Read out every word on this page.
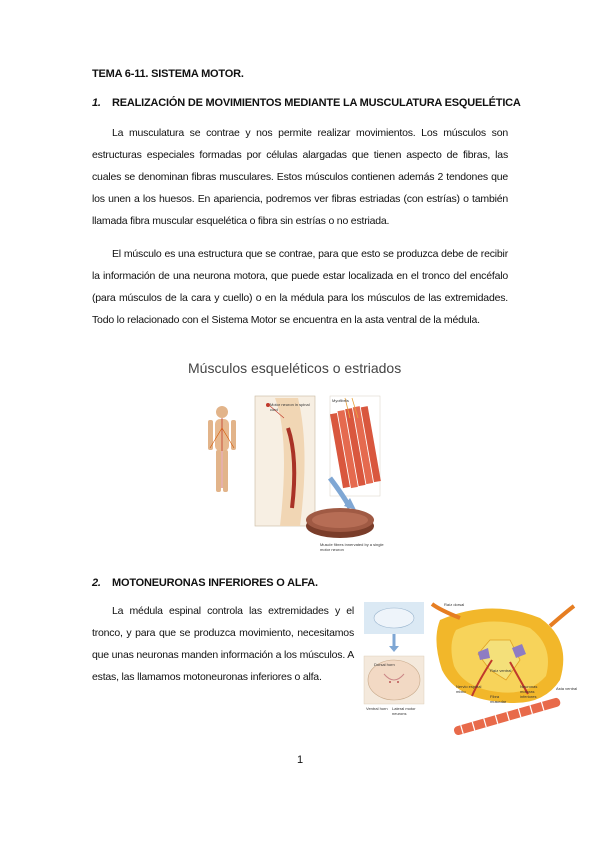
TEMA 6-11. SISTEMA MOTOR.
1. REALIZACIÓN DE MOVIMIENTOS MEDIANTE LA MUSCULATURA ESQUELÉTICA

La musculatura se contrae y nos permite realizar movimientos. Los músculos son estructuras especiales formadas por células alargadas que tienen aspecto de fibras, las cuales se denominan fibras musculares. Estos músculos contienen además 2 tendones que los unen a los huesos. En apariencia, podremos ver fibras estriadas (con estrías) o también llamada fibra muscular esquelética o fibra sin estrías o no estriada.

El músculo es una estructura que se contrae, para que esto se produzca debe de recibir la información de una neurona motora, que puede estar localizada en el tronco del encéfalo (para músculos de la cara y cuello) o en la médula para los músculos de las extremidades. Todo lo relacionado con el Sistema Motor se encuentra en la asta ventral de la médula.

Músculos esqueléticos o estriados
Motor neuron in spinal cord
Myofibrils
Muscle fibres innervated by a single motor neuron
2. MOTONEURONAS INFERIORES O ALFA.

La médula espinal controla las extremidades y el tronco, y para que se produzca movimiento, necesitamos que unas neuronas manden información a los músculos. A estas, las llamamos motoneuronas inferiores o alfa.

Raíz dorsal
Raíz ventral
Nervio espinal mixto
Fibra muscular
Neuronas motoras inferiores
Asta ventral
Dorsal horn
Ventral horn	Lateral motor neurons
1
